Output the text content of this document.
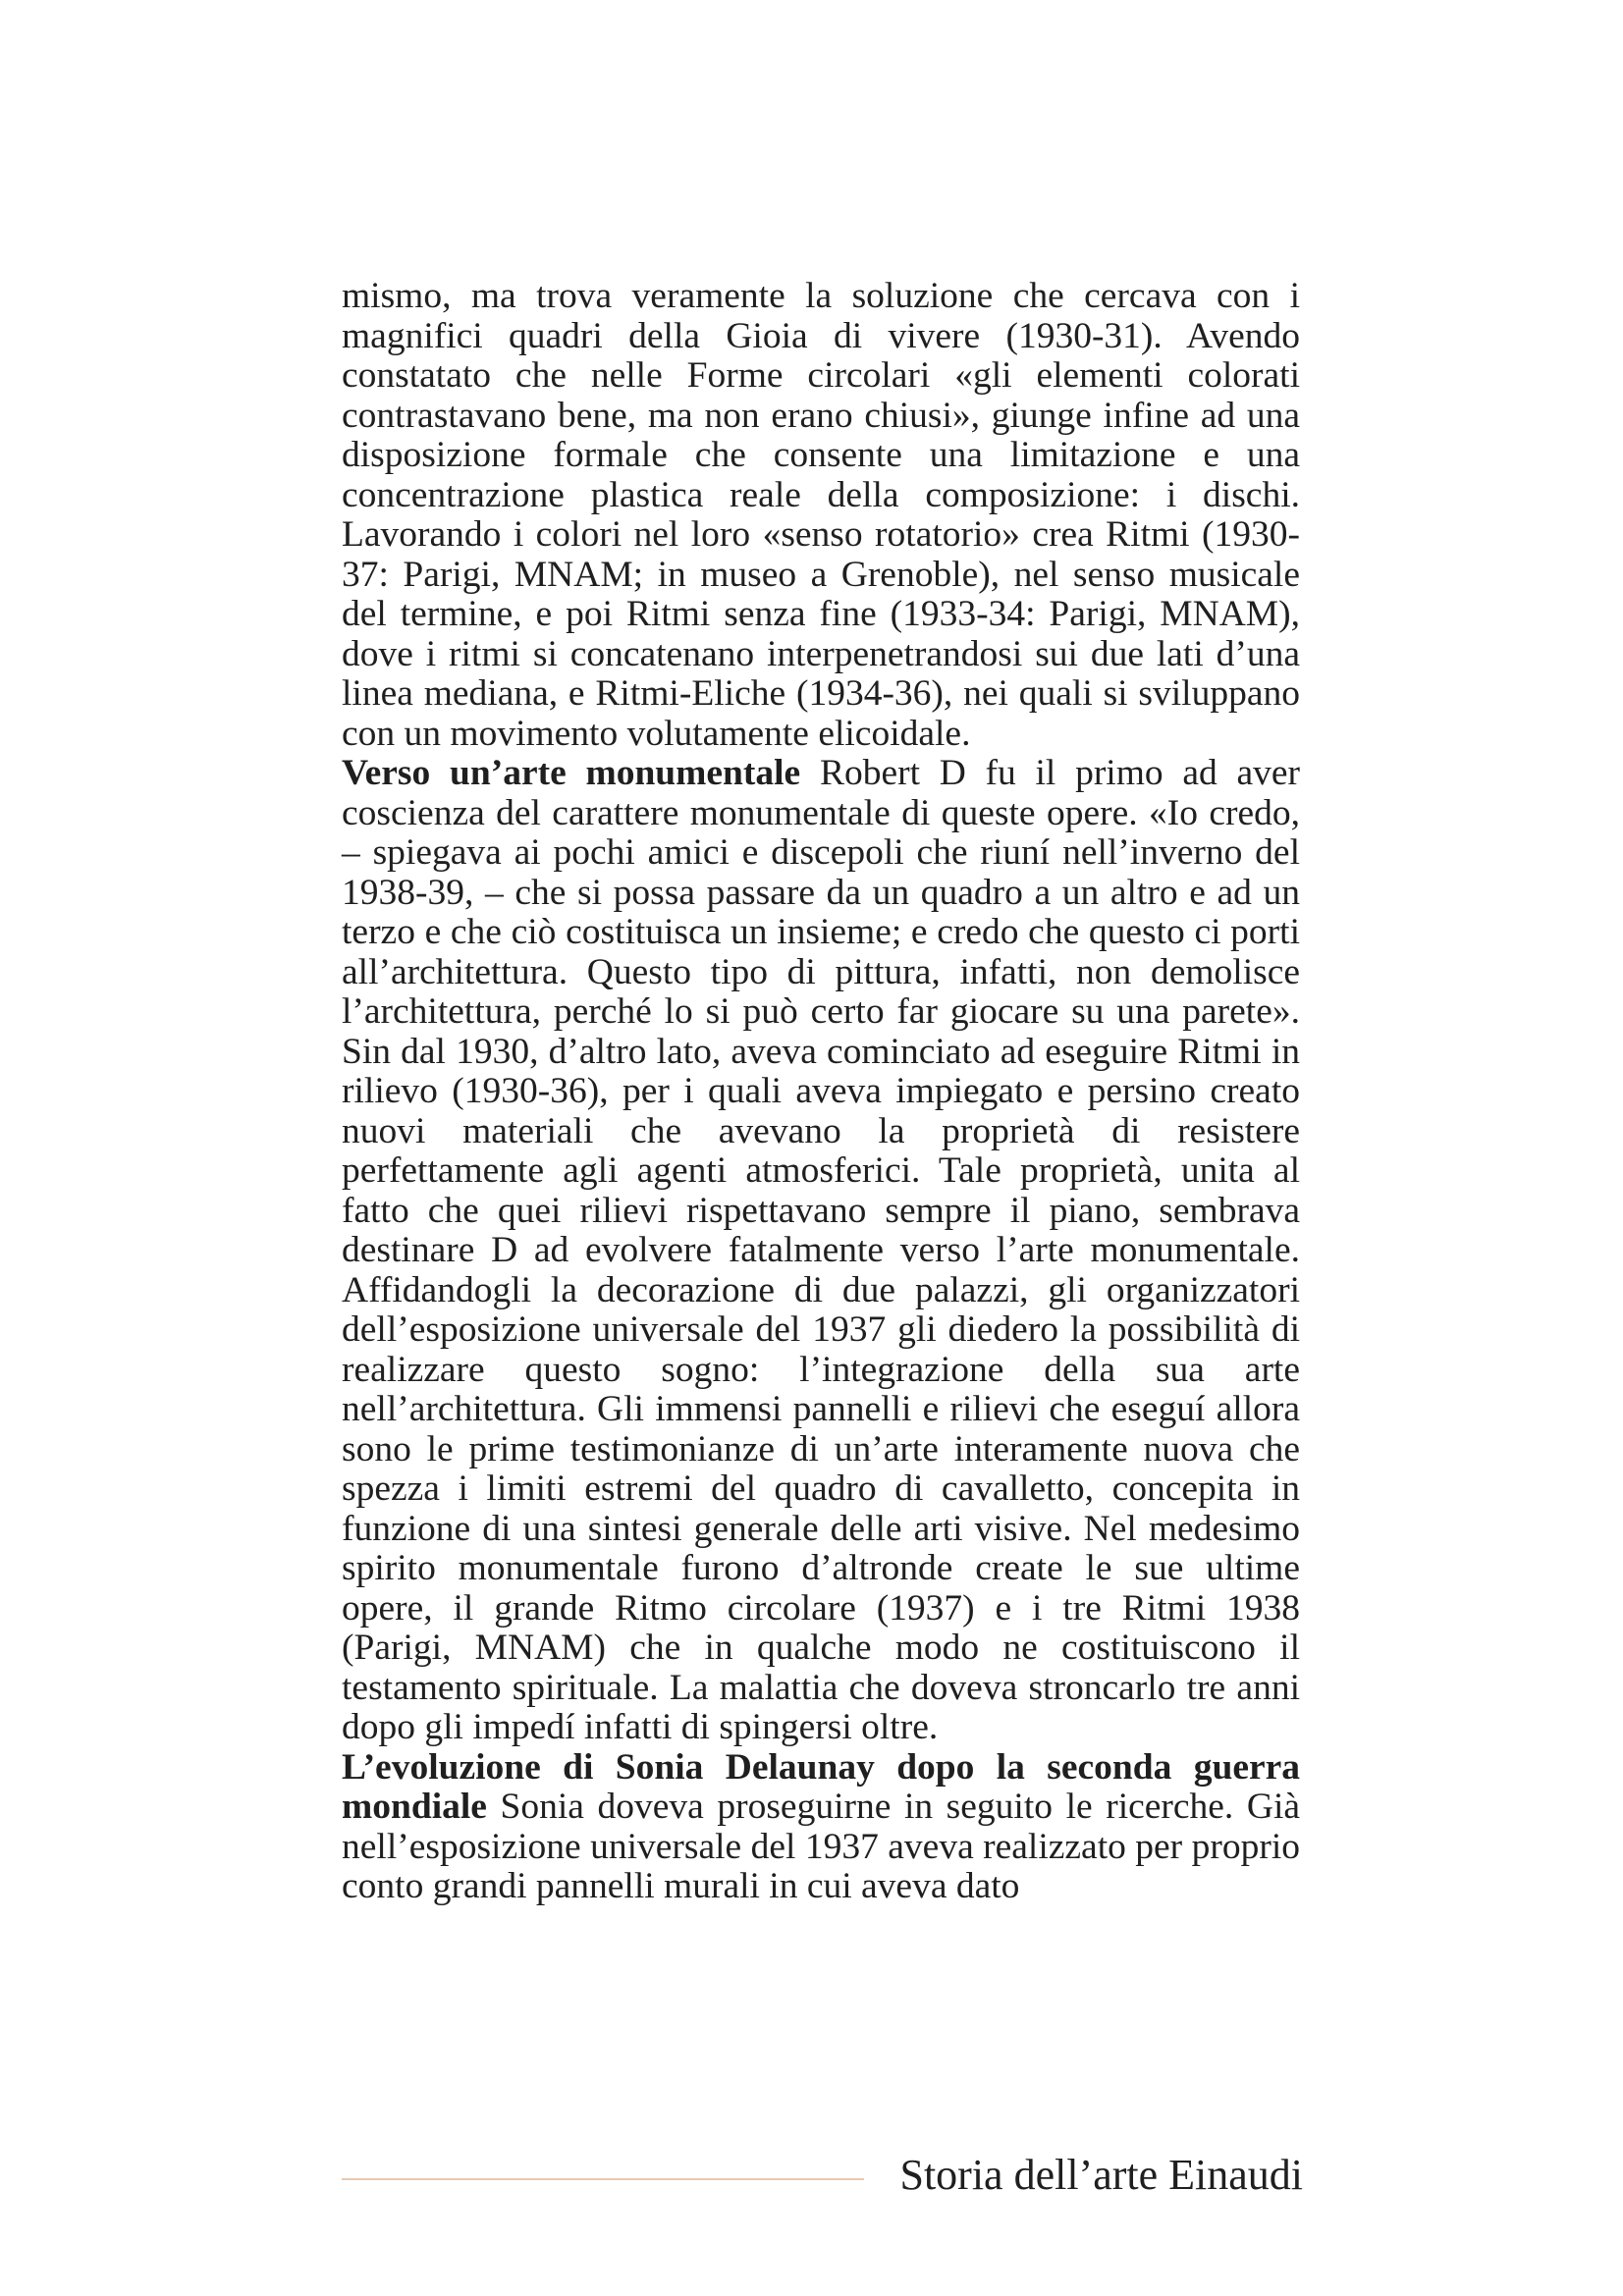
mismo, ma trova veramente la soluzione che cercava con i magnifici quadri della Gioia di vivere (1930-31). Avendo constatato che nelle Forme circolari «gli elementi colorati contrastavano bene, ma non erano chiusi», giunge infine ad una disposizione formale che consente una limitazione e una concentrazione plastica reale della composizione: i dischi. Lavorando i colori nel loro «senso rotatorio» crea Ritmi (1930-37: Parigi, MNAM; in museo a Grenoble), nel senso musicale del termine, e poi Ritmi senza fine (1933-34: Parigi, MNAM), dove i ritmi si concatenano interpenetrandosi sui due lati d’una linea mediana, e Ritmi-Eliche (1934-36), nei quali si sviluppano con un movimento volutamente elicoidale.

Verso un’arte monumentale Robert D fu il primo ad aver coscienza del carattere monumentale di queste opere. «Io credo, – spiegava ai pochi amici e discepoli che riuní nell’inverno del 1938-39, – che si possa passare da un quadro a un altro e ad un terzo e che ciò costituisca un insieme; e credo che questo ci porti all’architettura. Questo tipo di pittura, infatti, non demolisce l’architettura, perché lo si può certo far giocare su una parete». Sin dal 1930, d’altro lato, aveva cominciato ad eseguire Ritmi in rilievo (1930-36), per i quali aveva impiegato e persino creato nuovi materiali che avevano la proprietà di resistere perfettamente agli agenti atmosferici. Tale proprietà, unita al fatto che quei rilievi rispettavano sempre il piano, sembrava destinare D ad evolvere fatalmente verso l’arte monumentale. Affidandogli la decorazione di due palazzi, gli organizzatori dell’esposizione universale del 1937 gli diedero la possibilità di realizzare questo sogno: l’integrazione della sua arte nell’architettura. Gli immensi pannelli e rilievi che eseguí allora sono le prime testimonianze di un’arte interamente nuova che spezza i limiti estremi del quadro di cavalletto, concepita in funzione di una sintesi generale delle arti visive. Nel medesimo spirito monumentale furono d’altronde create le sue ultime opere, il grande Ritmo circolare (1937) e i tre Ritmi 1938 (Parigi, MNAM) che in qualche modo ne costituiscono il testamento spirituale. La malattia che doveva stroncarlo tre anni dopo gli impedí infatti di spingersi oltre.

L’evoluzione di Sonia Delaunay dopo la seconda guerra mondiale Sonia doveva proseguirne in seguito le ricerche. Già nell’esposizione universale del 1937 aveva realizzato per proprio conto grandi pannelli murali in cui aveva dato

Storia dell’arte Einaudi
